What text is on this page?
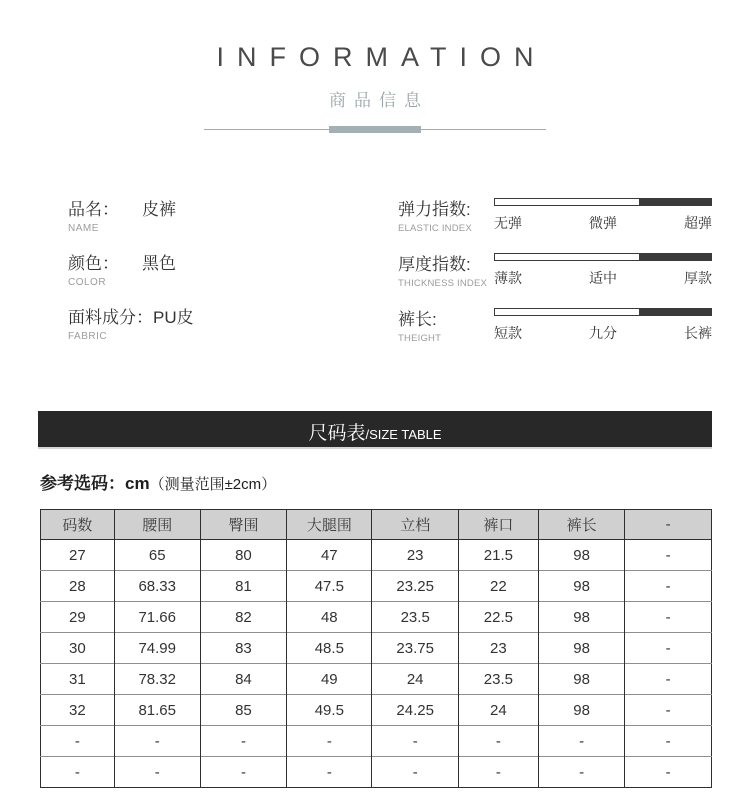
INFORMATION
商品信息
品名： 皮裤
NAME
颜色： 黑色
COLOR
面料成分：PU皮
FABRIC
弹力指数:
ELASTIC INDEX	无弹	微弹	超弹
厚度指数:
THICKNESS INDEX 薄款	适中	厚款
裤长:
THEIGHT	短款	九分	长裤
尺码表 /SIZE TABLE
参考选码：cm（测量范围±2cm）
码数	腰围	臀围	大腿围	立档	裤口	裤长	-
27	65	80	47	23	21.5	98	-
28	68.33	81	47.5	23.25	22	98	-
29	71.66	82	48	23.5	22.5	98	-
30	74.99	83	48.5	23.75	23	98	-
31	78.32	84	49	24	23.5	98	-
32	81.65	85	49.5	24.25	24	98	-
-	-	-	-	-	-	-	-
-	-	-	-	-	-	-	-
